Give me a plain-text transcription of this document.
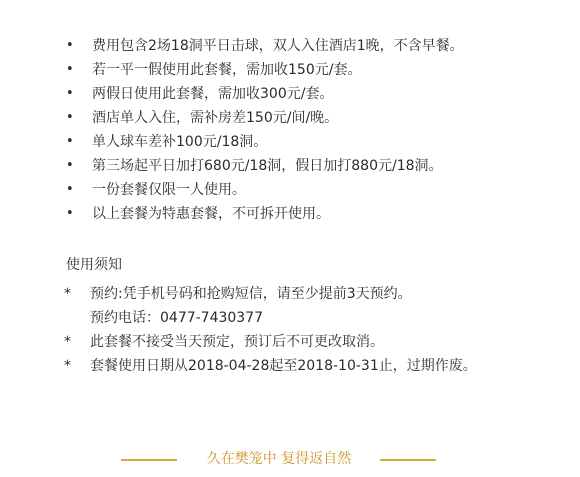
• 费用包含2场18洞平日击球，双人入住酒店1晚，不含早餐。
• 若一平一假使用此套餐，需加收150元/套。
• 两假日使用此套餐，需加收300元/套。
• 酒店单人入住，需补房差150元/间/晚。
• 单人球车差补100元/18洞。
• 第三场起平日加打680元/18洞，假日加打880元/18洞。
• 一份套餐仅限一人使用。
• 以上套餐为特惠套餐，不可拆开使用。
使用须知
* 预约:凭手机号码和抢购短信，请至少提前3天预约。
预约电话：0477-7430377
* 此套餐不接受当天预定，预订后不可更改取消。
* 套餐使用日期从2018-04-28起至2018-10-31止，过期作废。
久在樊笼中 复得返自然
